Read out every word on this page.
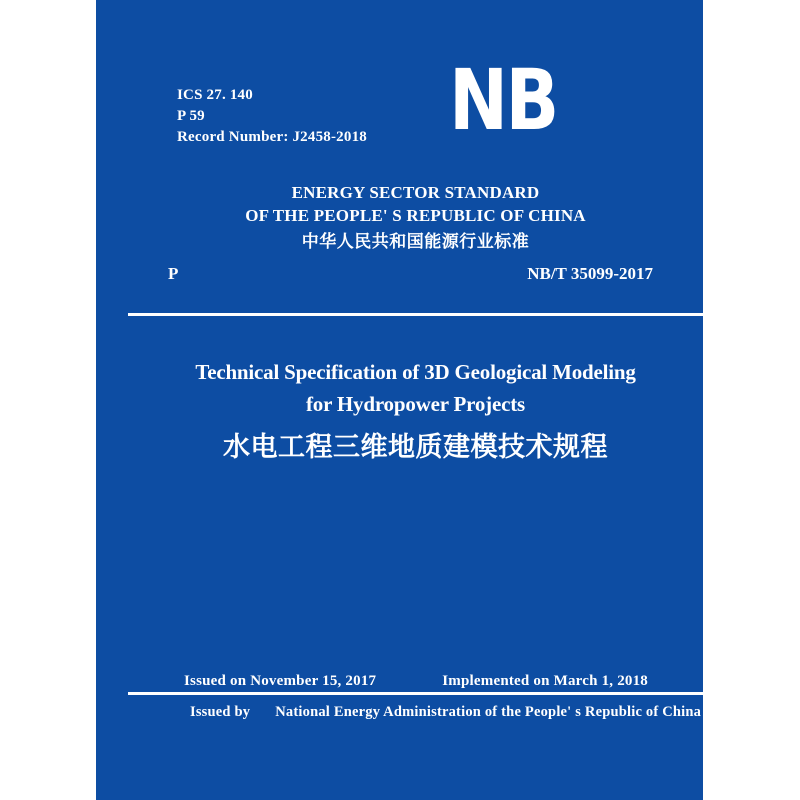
ICS 27. 140
P 59
Record Number: J2458-2018 NB
ENERGY SECTOR STANDARD
OF THE PEOPLE' S REPUBLIC OF CHINA
中华人民共和国能源行业标准
P	NB/T 35099-2017
Technical Specification of 3D Geological Modeling
for Hydropower Projects
水电工程三维地质建模技术规程
Issued on November 15, 2017	Implemented on March 1, 2018
Issued by National Energy Administration of the People' s Republic of China
